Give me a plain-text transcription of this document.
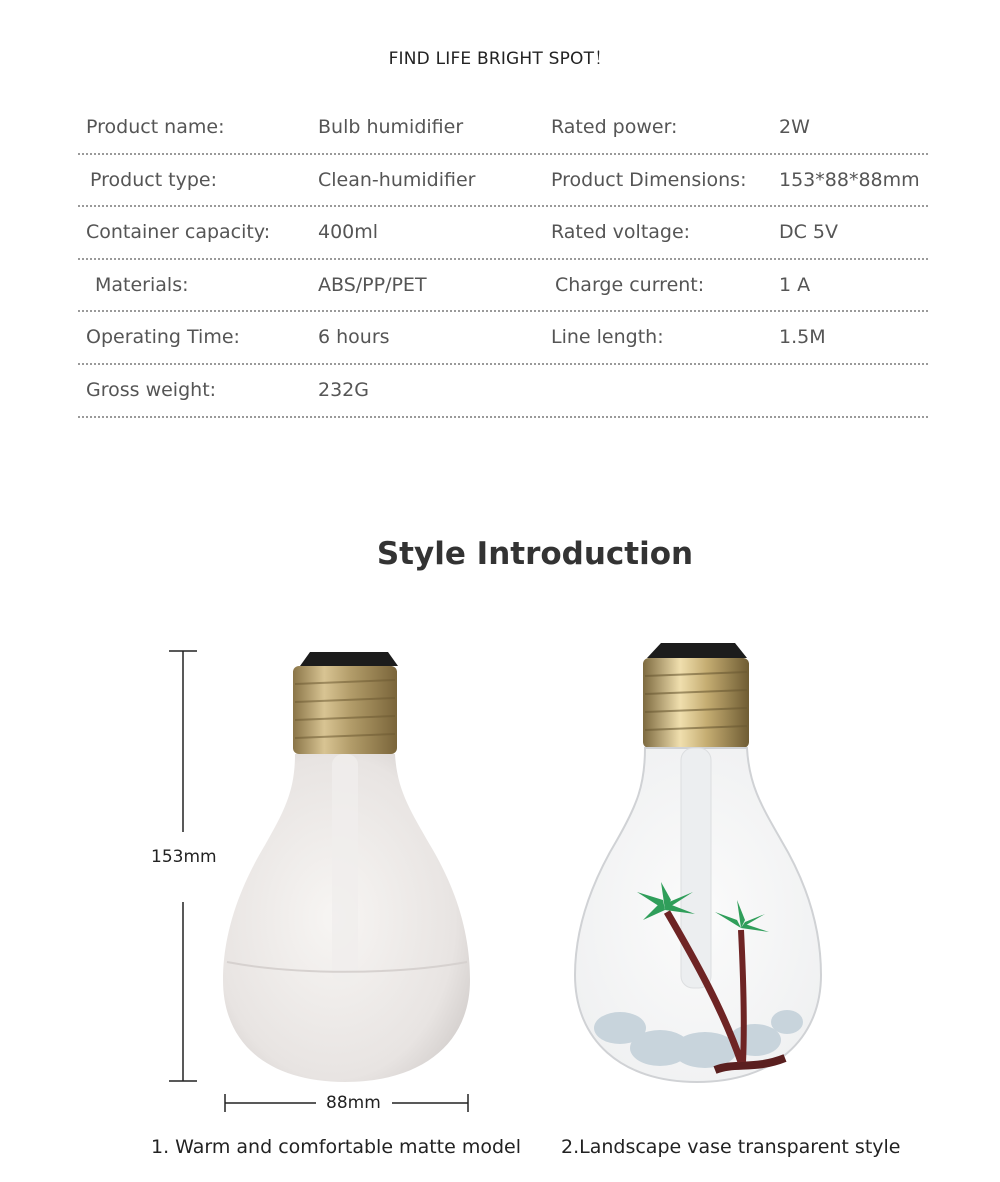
FIND LIFE BRIGHT SPOT！
Product name:	Bulb humidifier	Rated power:	2W
Product type:	Clean-humidifier	Product Dimensions: 153*88*88mm
Container capacity:	400ml	Rated voltage:	DC 5V
Materials:	ABS/PP/PET	Charge current:	1 A
Operating Time:	6 hours	Line length:	1.5M
Gross weight:	232G
Style Introduction
153mm
88mm
1. Warm and comfortable matte model 2.Landscape vase transparent style
